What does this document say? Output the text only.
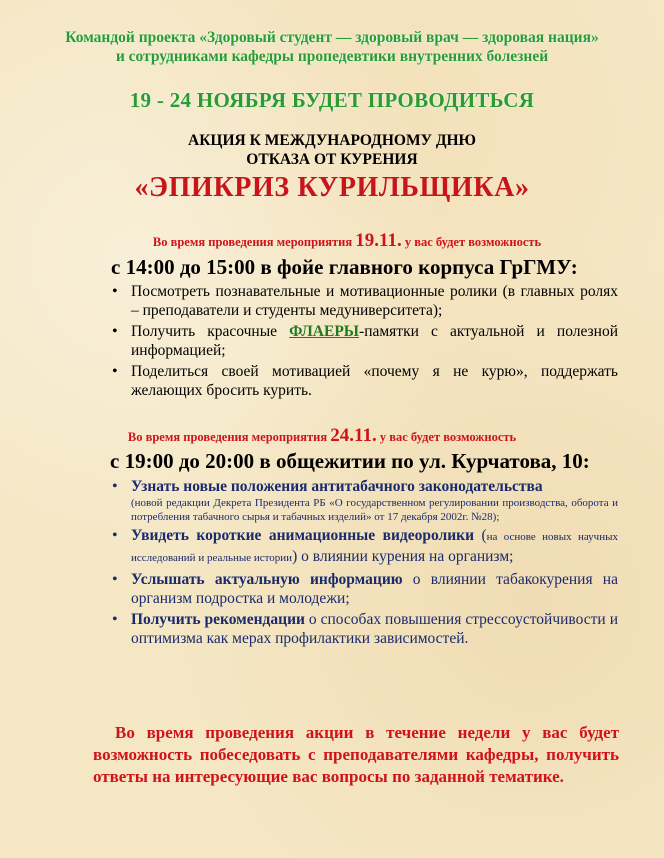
Командой проекта «Здоровый студент — здоровый врач — здоровая нация»
и сотрудниками кафедры пропедевтики внутренних болезней
19 - 24 НОЯБРЯ БУДЕТ ПРОВОДИТЬСЯ
АКЦИЯ К МЕЖДУНАРОДНОМУ ДНЮ
ОТКАЗА ОТ КУРЕНИЯ
«ЭПИКРИЗ КУРИЛЬЩИКА»
Во время проведения мероприятия 19.11. у вас будет возможность
с 14:00 до 15:00 в фойе главного корпуса ГрГМУ:
• Посмотреть познавательные и мотивационные ролики (в главных ролях – преподаватели и студенты медуниверситета);
• Получить красочные ФЛАЕРЫ-памятки с актуальной и полезной информацией;
• Поделиться своей мотивацией «почему я не курю», поддержать желающих бросить курить.
Во время проведения мероприятия 24.11. у вас будет возможность
с 19:00 до 20:00 в общежитии по ул. Курчатова, 10:
• Узнать новые положения антитабачного законодательства
(новой редакции Декрета Президента РБ «О государственном регулировании производства, оборота и потребления табачного сырья и табачных изделий» от 17 декабря 2002г. №28);
• Увидеть короткие анимационные видеоролики (на основе новых научных исследований и реальные истории) о влиянии курения на организм;
• Услышать актуальную информацию о влиянии табакокурения на организм подростка и молодежи;
• Получить рекомендации о способах повышения стрессоустойчивости и оптимизма как мерах профилактики зависимостей.
Во время проведения акции в течение недели у вас будет возможность побеседовать с преподавателями кафедры, получить ответы на интересующие вас вопросы по заданной тематике.
